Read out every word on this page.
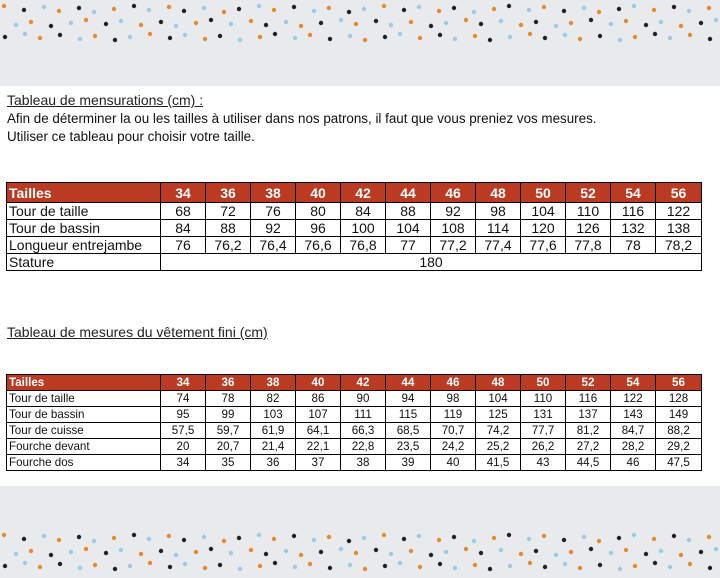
Tableau de mensurations (cm) :
Afin de déterminer la ou les tailles à utiliser dans nos patrons, il faut que vous preniez vos mesures.
Utiliser ce tableau pour choisir votre taille.
Tailles	34	36	38	40	42	44	46	48	50	52	54	56
Tour de taille	68	72	76	80	84	88	92	98	104	110	116	122
Tour de bassin	84	88	92	96	100	104	108	114	120	126	132	138
Longueur entrejambe	76	76,2	76,4	76,6	76,8	77	77,2	77,4	77,6	77,8	78	78,2
Stature	180											
Tableau de mesures du vêtement fini (cm)
Tailles	34	36	38	40	42	44	46	48	50	52	54	56
Tour de taille	74	78	82	86	90	94	98	104	110	116	122	128
Tour de bassin	95	99	103	107	111	115	119	125	131	137	143	149
Tour de cuisse	57,5	59,7	61,9	64,1	66,3	68,5	70,7	74,2	77,7	81,2	84,7	88,2
Fourche devant	20	20,7	21,4	22,1	22,8	23,5	24,2	25,2	26,2	27,2	28,2	29,2
Fourche dos	34	35	36	37	38	39	40	41,5	43	44,5	46	47,5
